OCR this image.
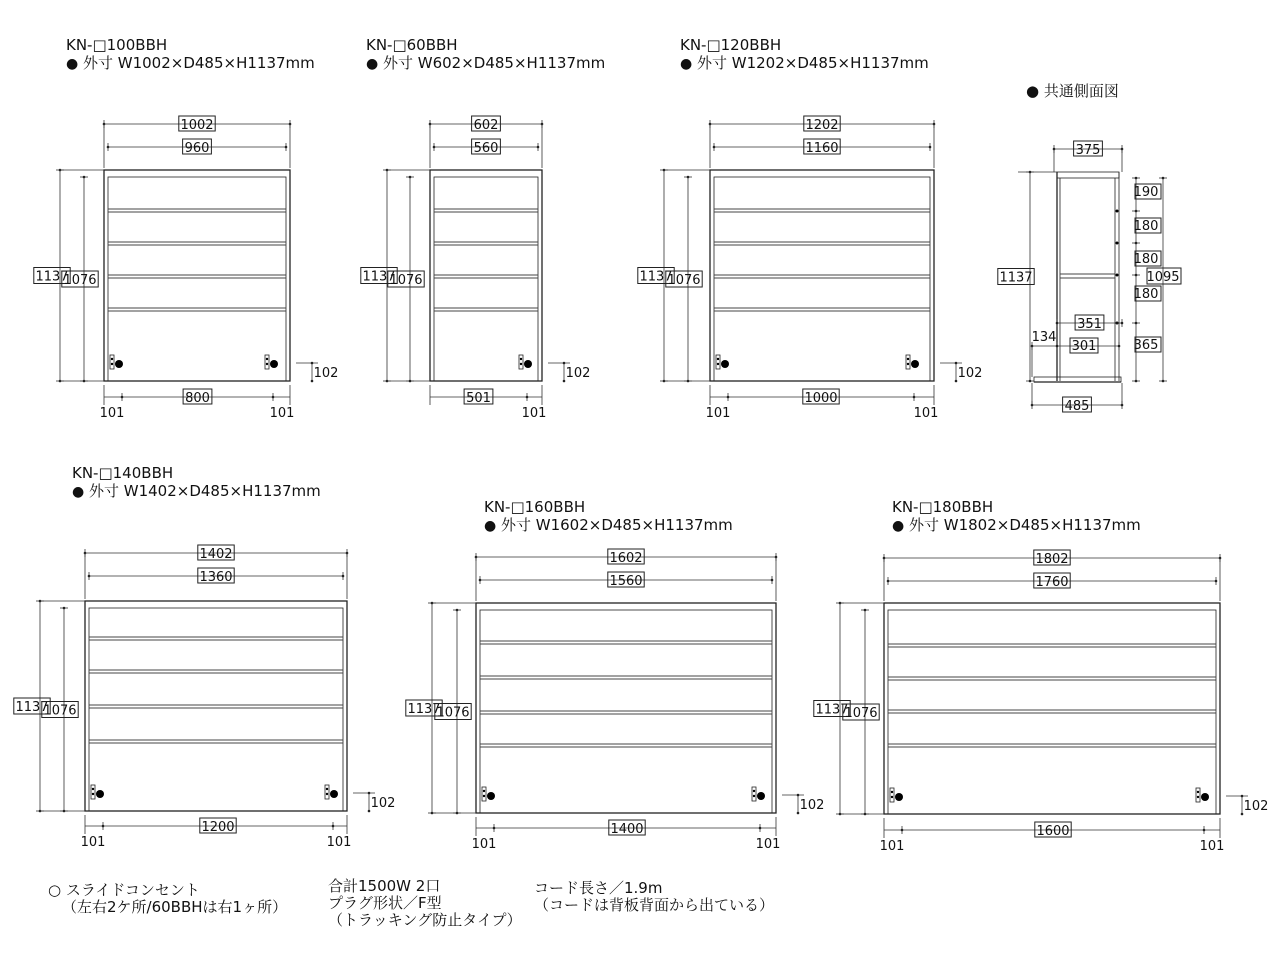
KN-□100BBH
● 外寸 W1002×D485×H1137mm
KN-□60BBH
● 外寸 W602×D485×H1137mm
KN-□120BBH
● 外寸 W1202×D485×H1137mm
● 共通側面図
KN-□140BBH
● 外寸 W1402×D485×H1137mm
KN-□160BBH
● 外寸 W1602×D485×H1137mm
KN-□180BBH
● 外寸 W1802×D485×H1137mm
1002
960
1137
1076
102
800
101	101
602
560
1137
1076
102
501
101
1202
1160
1137
1076
102
1000
101	101
1402
1360
1137
1076
102
1200
101	101
1602
1560
1137
1076
102
1400
101	101
1802
1760
1137
1076
102
1600
101	101
375
1137
190
180
180
180
365
1095
351
301
134
485
○ スライドコンセント
（左右2ケ所/60BBHは右1ヶ所）
合計1500W 2口
プラグ形状／F型
（トラッキング防止タイプ）
コード長さ／1.9m
（コードは背板背面から出ている）
